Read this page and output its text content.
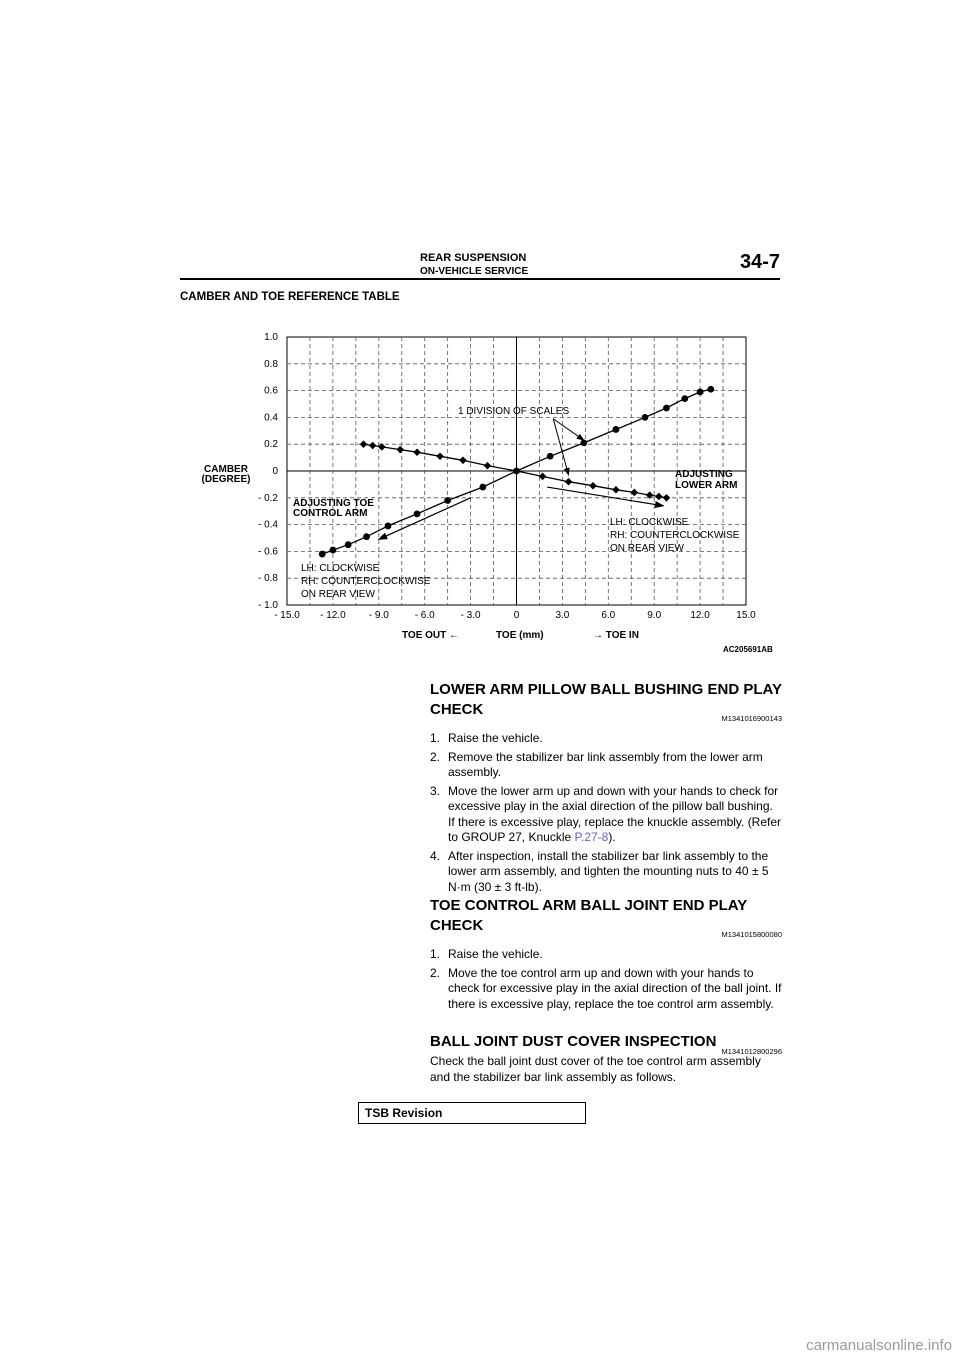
REAR SUSPENSION
ON-VEHICLE SERVICE	34-7
CAMBER AND TOE REFERENCE TABLE
1.0
0.8
0.6
0.4
0.2
0
- 0.2
- 0.4
- 0.6
- 0.8
- 1.0
- 15.0 - 12.0 - 9.0	- 6.0	- 3.0	0	3.0	6.0	9.0	12.0	15.0
CAMBER
(DEGREE)
TOE OUT ←	TOE (mm)	→ TOE IN
AC205691AB
1 DIVISION OF SCALES
ADJUSTING TOE
CONTROL ARM
ADJUSTING
LOWER ARM
LH: CLOCKWISE
RH: COUNTERCLOCKWISE
ON REAR VIEW
LH: CLOCKWISE
RH: COUNTERCLOCKWISE
ON REAR VIEW
LOWER ARM PILLOW BALL BUSHING END PLAY CHECK
M1341016900143
1. Raise the vehicle.
2. Remove the stabilizer bar link assembly from the lower arm assembly.
3. Move the lower arm up and down with your hands to check for excessive play in the axial direction of the pillow ball bushing. If there is excessive play, replace the knuckle assembly. (Refer to GROUP 27, Knuckle P.27-8).
4. After inspection, install the stabilizer bar link assembly to the lower arm assembly, and tighten the mounting nuts to 40 ± 5 N·m (30 ± 3 ft-lb).
TOE CONTROL ARM BALL JOINT END PLAY CHECK
M1341015800080
1. Raise the vehicle.
2. Move the toe control arm up and down with your hands to check for excessive play in the axial direction of the ball joint. If there is excessive play, replace the toe control arm assembly.
BALL JOINT DUST COVER INSPECTION
M1341012800296
Check the ball joint dust cover of the toe control arm assembly and the stabilizer bar link assembly as follows.
TSB Revision
carmanualsonline.info
